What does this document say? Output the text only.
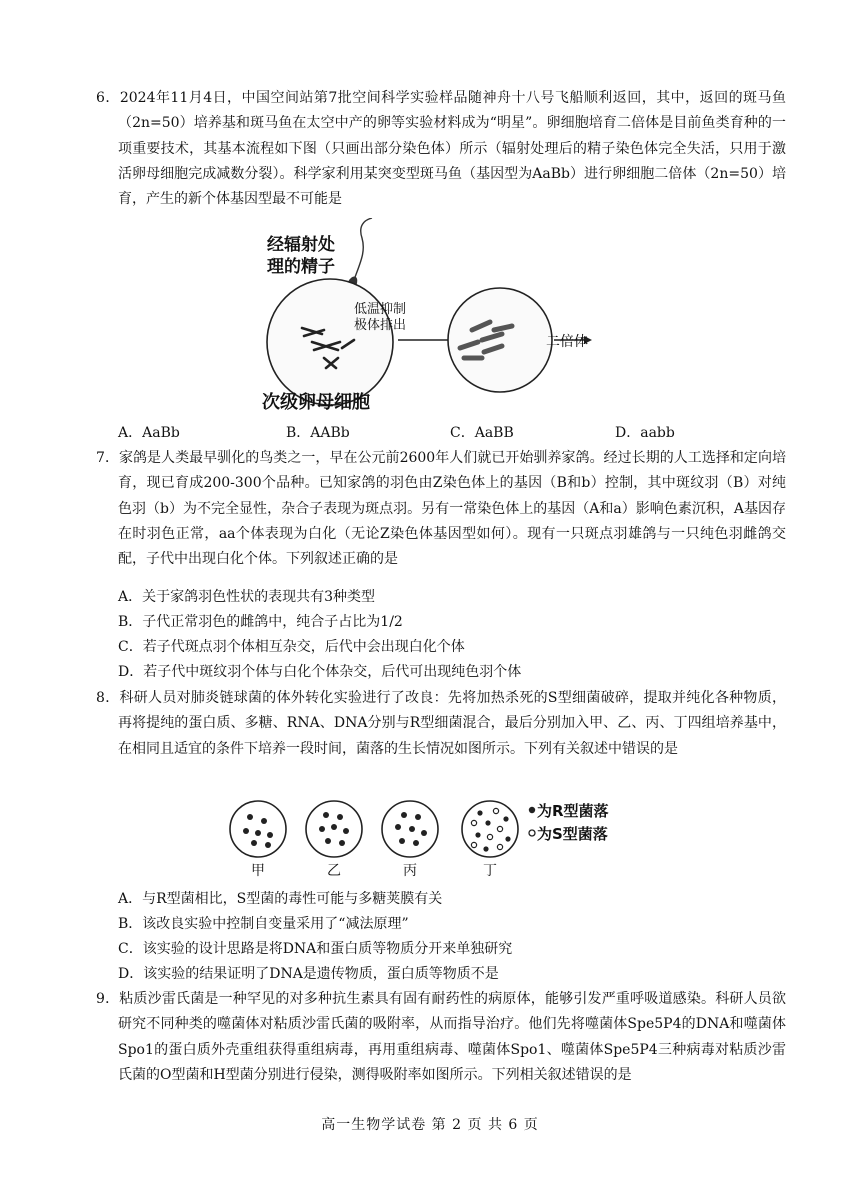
6．2024年11月4日，中国空间站第7批空间科学实验样品随神舟十八号飞船顺利返回，其中，返回的斑马鱼（2n=50）培养基和斑马鱼在太空中产的卵等实验材料成为“明星”。卵细胞培育二倍体是目前鱼类育种的一项重要技术，其基本流程如下图（只画出部分染色体）所示（辐射处理后的精子染色体完全失活，只用于激活卵母细胞完成减数分裂）。科学家利用某突变型斑马鱼（基因型为AaBb）进行卵细胞二倍体（2n=50）培育，产生的新个体基因型最不可能是

经辐射处
理的精子
低温抑制
极体排出
二倍体
次级卵母细胞
A．AaBb	B．AABb	C．AaBB	D．aabb

7．家鸽是人类最早驯化的鸟类之一，早在公元前2600年人们就已开始驯养家鸽。经过长期的人工选择和定向培育，现已育成200-300个品种。已知家鸽的羽色由Z染色体上的基因（B和b）控制，其中斑纹羽（B）对纯色羽（b）为不完全显性，杂合子表现为斑点羽。另有一常染色体上的基因（A和a）影响色素沉积，A基因存在时羽色正常，aa个体表现为白化（无论Z染色体基因型如何）。现有一只斑点羽雄鸽与一只纯色羽雌鸽交配，子代中出现白化个体。下列叙述正确的是

A．关于家鸽羽色性状的表现共有3种类型
B．子代正常羽色的雌鸽中，纯合子占比为1/2
C．若子代斑点羽个体相互杂交，后代中会出现白化个体
D．若子代中斑纹羽个体与白化个体杂交，后代可出现纯色羽个体

8．科研人员对肺炎链球菌的体外转化实验进行了改良：先将加热杀死的S型细菌破碎，提取并纯化各种物质，再将提纯的蛋白质、多糖、RNA、DNA分别与R型细菌混合，最后分别加入甲、乙、丙、丁四组培养基中，在相同且适宜的条件下培养一段时间，菌落的生长情况如图所示。下列有关叙述中错误的是

为R型菌落
为S型菌落
甲	乙	丙	丁
A．与R型菌相比，S型菌的毒性可能与多糖荚膜有关
B．该改良实验中控制自变量采用了“减法原理”
C．该实验的设计思路是将DNA和蛋白质等物质分开来单独研究
D．该实验的结果证明了DNA是遗传物质，蛋白质等物质不是

9．粘质沙雷氏菌是一种罕见的对多种抗生素具有固有耐药性的病原体，能够引发严重呼吸道感染。科研人员欲研究不同种类的噬菌体对粘质沙雷氏菌的吸附率，从而指导治疗。他们先将噬菌体Spe5P4的DNA和噬菌体Spo1的蛋白质外壳重组获得重组病毒，再用重组病毒、噬菌体Spo1、噬菌体Spe5P4三种病毒对粘质沙雷氏菌的O型菌和H型菌分别进行侵染，测得吸附率如图所示。下列相关叙述错误的是

高一生物学试卷 第 2 页 共 6 页
